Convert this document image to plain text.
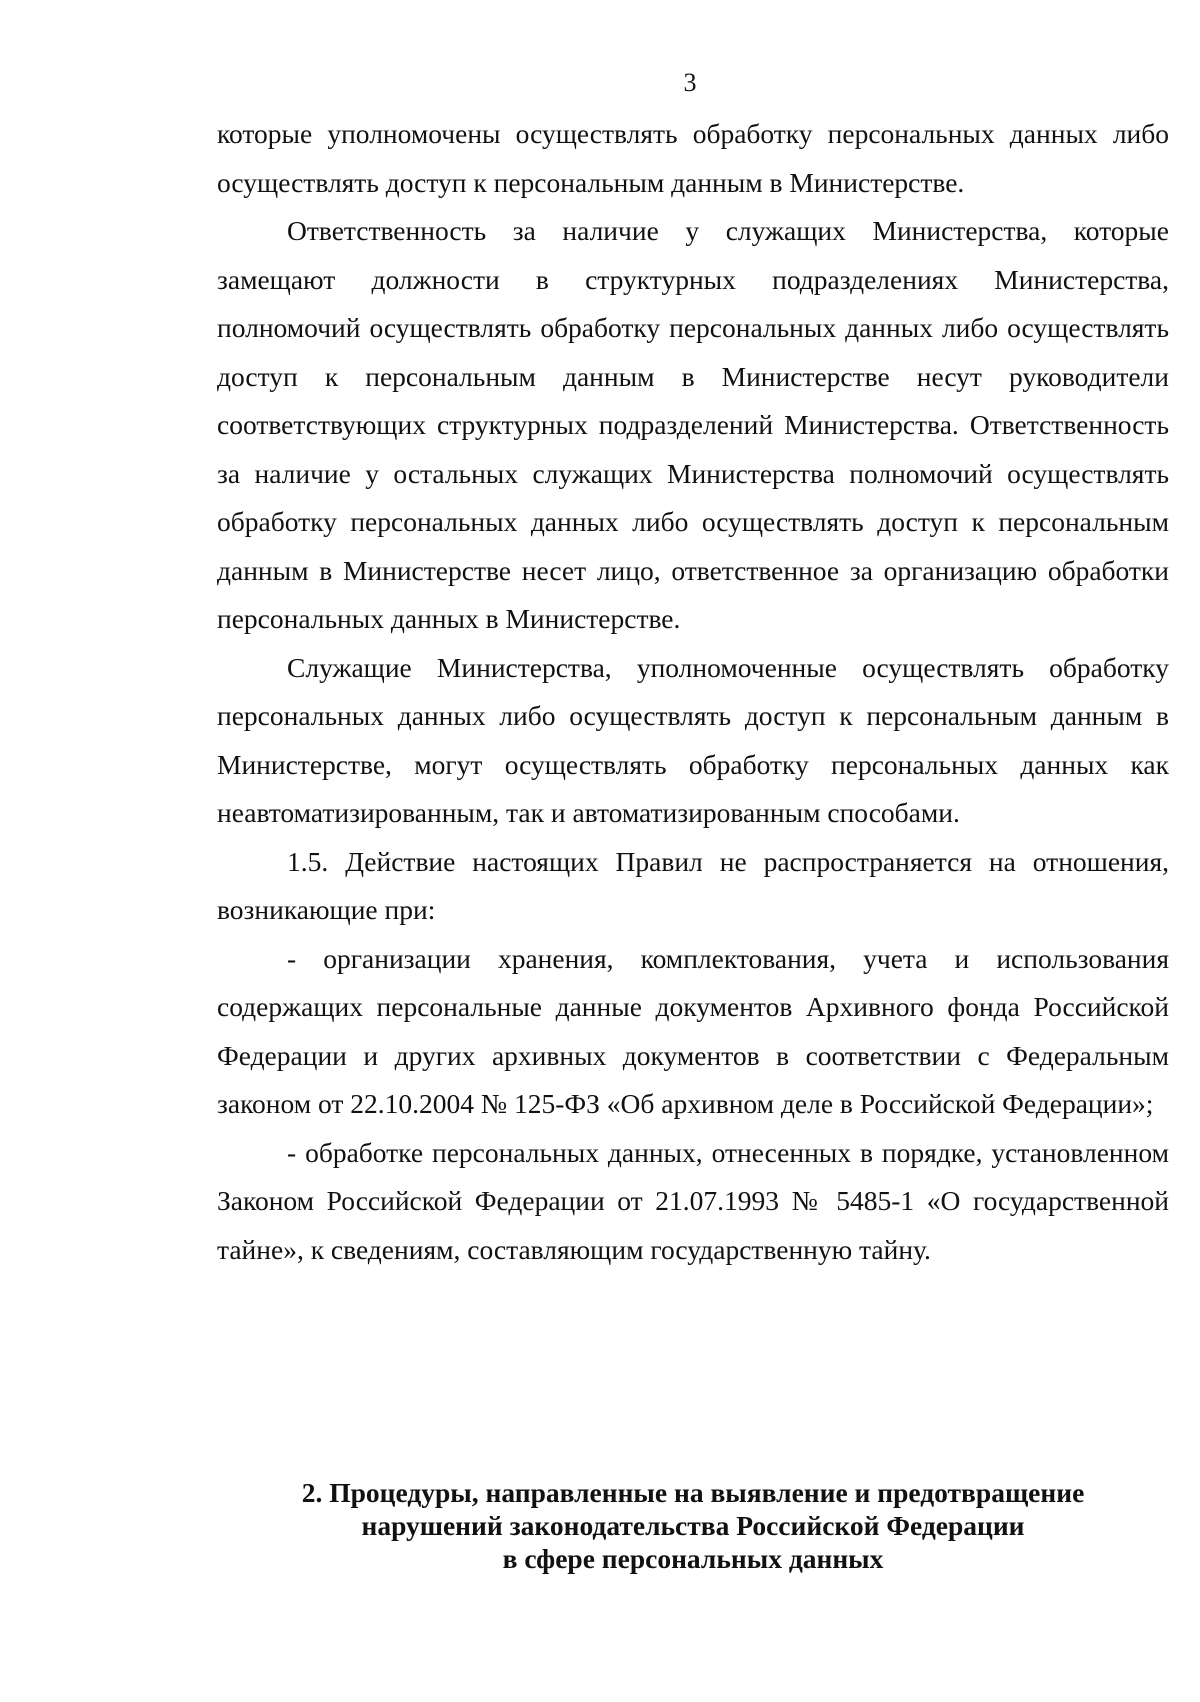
3

которые уполномочены осуществлять обработку персональных данных либо осуществлять доступ к персональным данным в Министерстве.

Ответственность за наличие у служащих Министерства, которые замещают должности в структурных подразделениях Министерства, полномочий осуществлять обработку персональных данных либо осуществлять доступ к персональным данным в Министерстве несут руководители соответствующих структурных подразделений Министерства. Ответственность за наличие у остальных служащих Министерства полномочий осуществлять обработку персональных данных либо осуществлять доступ к персональным данным в Министерстве несет лицо, ответственное за организацию обработки персональных данных в Министерстве.

Служащие Министерства, уполномоченные осуществлять обработку персональных данных либо осуществлять доступ к персональным данным в Министерстве, могут осуществлять обработку персональных данных как неавтоматизированным, так и автоматизированным способами.

1.5. Действие настоящих Правил не распространяется на отношения, возникающие при:

- организации хранения, комплектования, учета и использования содержащих персональные данные документов Архивного фонда Российской Федерации и других архивных документов в соответствии с Федеральным законом от 22.10.2004 № 125-ФЗ «Об архивном деле в Российской Федерации»;

- обработке персональных данных, отнесенных в порядке, установленном Законом Российской Федерации от 21.07.1993 № 5485-1 «О государственной тайне», к сведениям, составляющим государственную тайну.

2. Процедуры, направленные на выявление и предотвращение
нарушений законодательства Российской Федерации
в сфере персональных данных
